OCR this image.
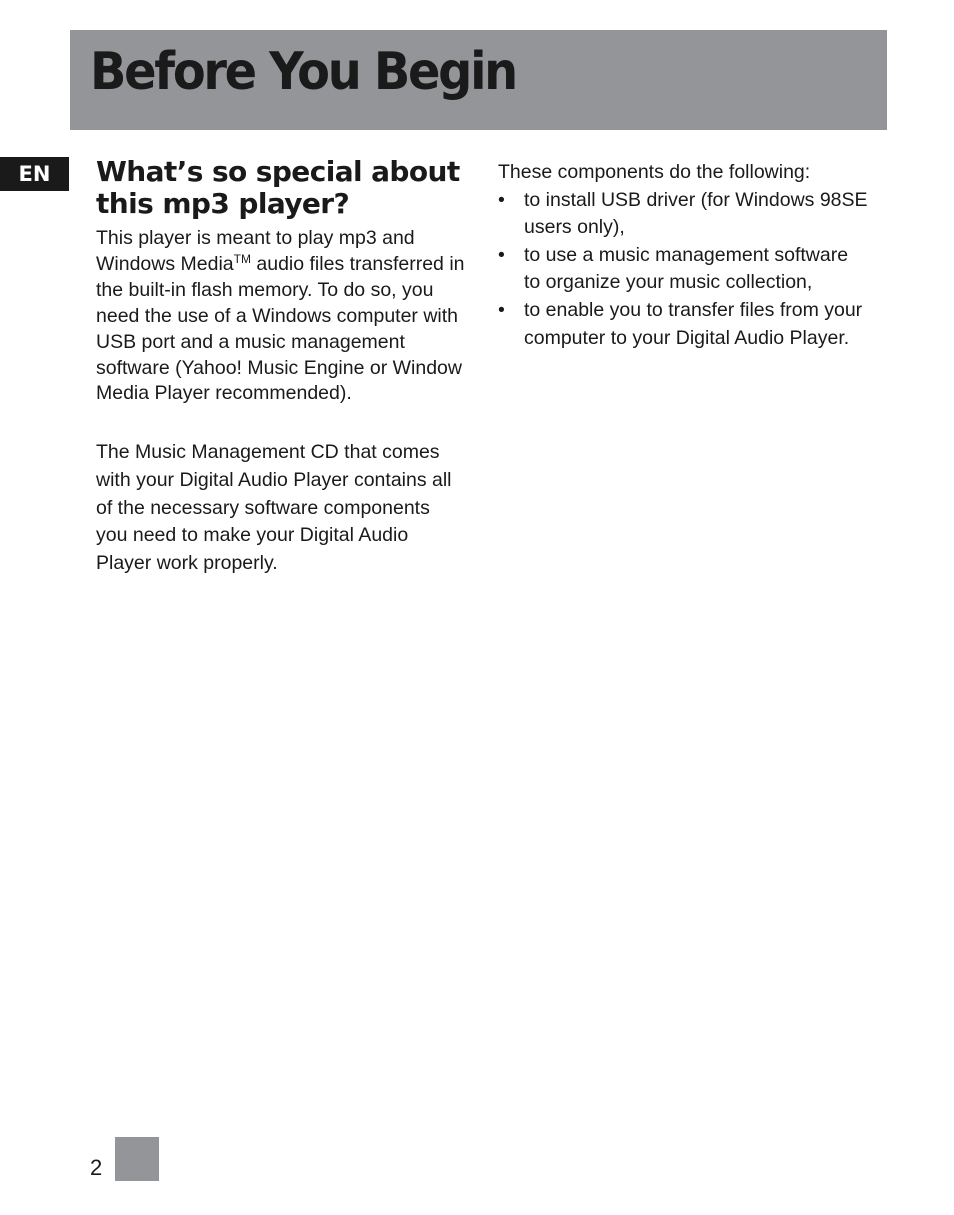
Before You Begin
EN	What’s so special about this mp3 player?

This player is meant to play mp3 and Windows Media™ audio files transferred in the built-in flash memory. To do so, you need the use of a Windows computer with USB port and a music management software (Yahoo! Music Engine or Window Media Player recommended).

The Music Management CD that comes with your Digital Audio Player contains all of the necessary software components you need to make your Digital Audio Player work properly.

These components do the following:

• to install USB driver (for Windows 98SE users only),
• to use a music management software to organize your music collection,
• to enable you to transfer files from your computer to your Digital Audio Player.
2
